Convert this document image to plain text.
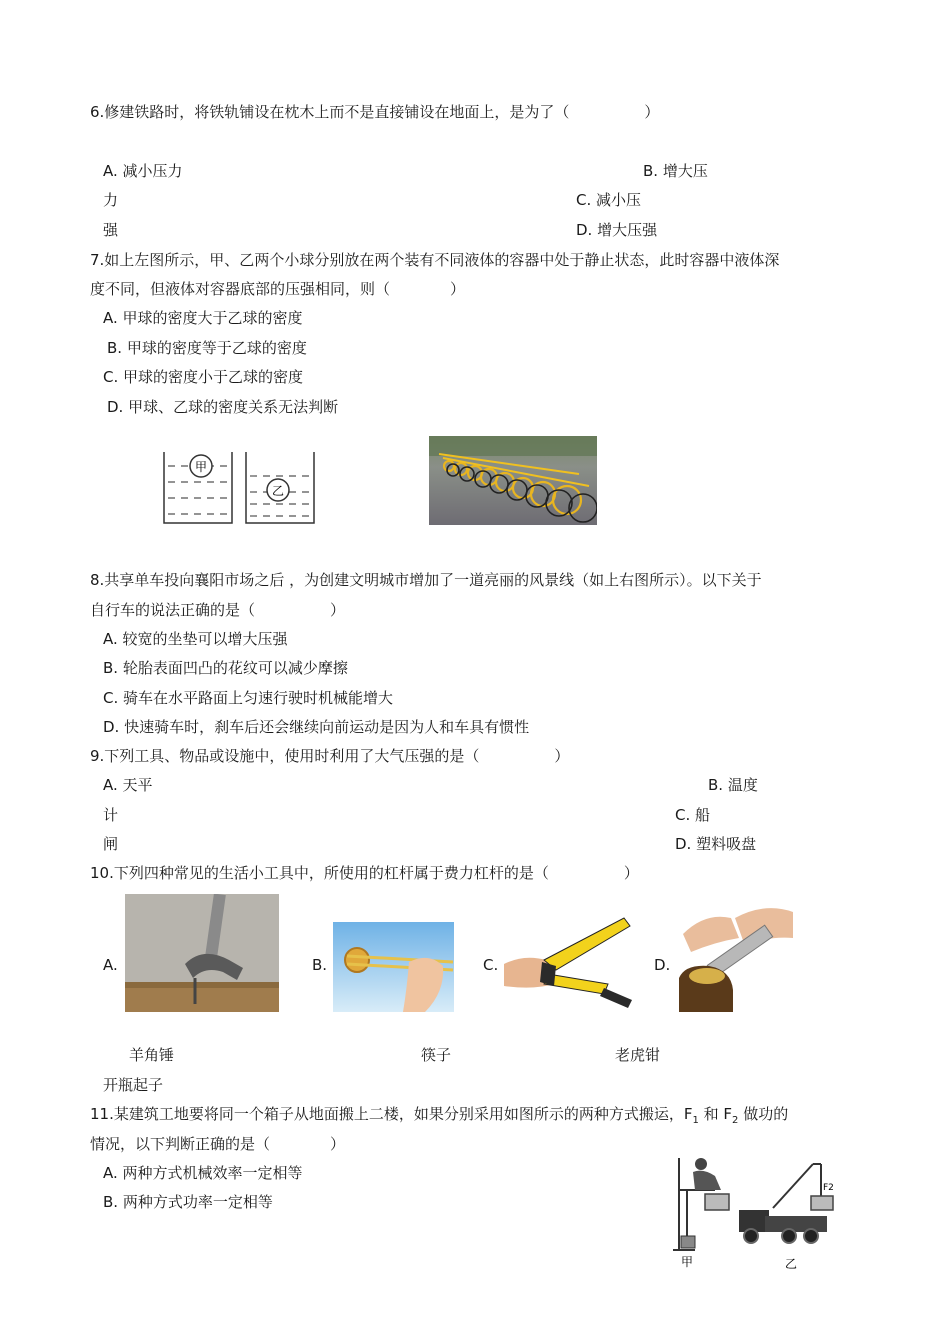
6.修建铁路时，将铁轨铺设在枕木上而不是直接铺设在地面上，是为了（　　　　　）
A. 减小压力	B. 增大压
力	C. 减小压
强	D. 增大压强
7.如上左图所示，甲、乙两个小球分别放在两个装有不同液体的容器中处于静止状态，此时容器中液体深
度不同，但液体对容器底部的压强相同，则（　　　　）
A. 甲球的密度大于乙球的密度
B. 甲球的密度等于乙球的密度
C. 甲球的密度小于乙球的密度
D. 甲球、乙球的密度关系无法判断
甲
乙
8.共享单车投向襄阳市场之后 ，为创建文明城市增加了一道亮丽的风景线（如上右图所示）。以下关于
自行车的说法正确的是（　　　　　）
A. 较宽的坐垫可以增大压强
B. 轮胎表面凹凸的花纹可以减少摩擦
C. 骑车在水平路面上匀速行驶时机械能增大
D. 快速骑车时，刹车后还会继续向前运动是因为人和车具有惯性
9.下列工具、物品或设施中，使用时利用了大气压强的是（　　　　　）
A. 天平	B. 温度
计	C. 船
闸	D. 塑料吸盘
10.下列四种常见的生活小工具中，所使用的杠杆属于费力杠杆的是（　　　　　）
A.	B.	C.	D.
羊角锤	筷子	老虎钳
开瓶起子
11.某建筑工地要将同一个箱子从地面搬上二楼，如果分别采用如图所示的两种方式搬运，$F_1$ 和 $F_2$ 做功的
情况，以下判断正确的是（　　　　）
A. 两种方式机械效率一定相等
B. 两种方式功率一定相等
甲
F2
乙
